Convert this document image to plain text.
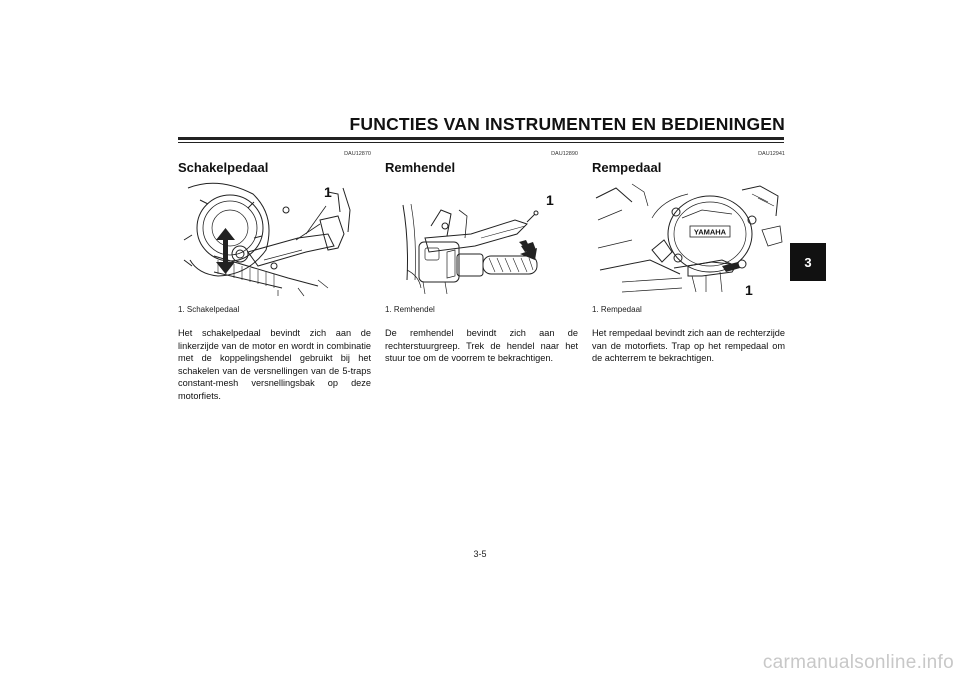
FUNCTIES VAN INSTRUMENTEN EN BEDIENINGEN
3
DAU12870
Schakelpedaal
1
1. Schakelpedaal
Het schakelpedaal bevindt zich aan de linkerzijde van de motor en wordt in combinatie met de koppelingshendel gebruikt bij het schakelen van de versnellingen van de 5-traps constant-mesh versnellingsbak op deze motorfiets.
DAU12890
Remhendel
1
1. Remhendel
De remhendel bevindt zich aan de rechterstuurgreep. Trek de hendel naar het stuur toe om de voorrem te bekrachtigen.
DAU12941
Rempedaal
YAMAHA
1
1. Rempedaal
Het rempedaal bevindt zich aan de rechterzijde van de motorfiets. Trap op het rempedaal om de achterrem te bekrachtigen.
3-5
carmanualsonline.info
